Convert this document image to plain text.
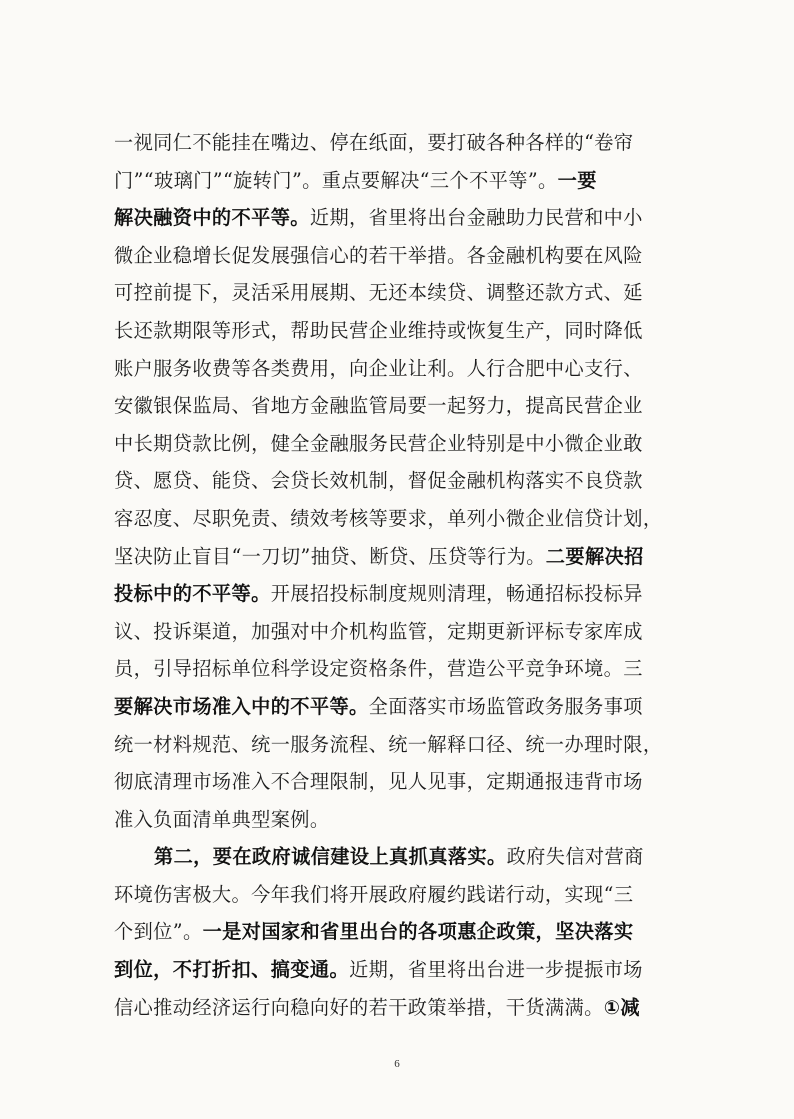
一视同仁不能挂在嘴边、停在纸面，要打破各种各样的“卷帘
门”“玻璃门”“旋转门”。重点要解决“三个不平等”。一要
解决融资中的不平等。近期，省里将出台金融助力民营和中小
微企业稳增长促发展强信心的若干举措。各金融机构要在风险
可控前提下，灵活采用展期、无还本续贷、调整还款方式、延
长还款期限等形式，帮助民营企业维持或恢复生产，同时降低
账户服务收费等各类费用，向企业让利。人行合肥中心支行、
安徽银保监局、省地方金融监管局要一起努力，提高民营企业
中长期贷款比例，健全金融服务民营企业特别是中小微企业敢
贷、愿贷、能贷、会贷长效机制，督促金融机构落实不良贷款
容忍度、尽职免责、绩效考核等要求，单列小微企业信贷计划，
坚决防止盲目“一刀切”抽贷、断贷、压贷等行为。二要解决招
投标中的不平等。开展招投标制度规则清理，畅通招标投标异
议、投诉渠道，加强对中介机构监管，定期更新评标专家库成
员，引导招标单位科学设定资格条件，营造公平竞争环境。三
要解决市场准入中的不平等。全面落实市场监管政务服务事项
统一材料规范、统一服务流程、统一解释口径、统一办理时限，
彻底清理市场准入不合理限制，见人见事，定期通报违背市场
准入负面清单典型案例。
第二，要在政府诚信建设上真抓真落实。政府失信对营商
环境伤害极大。今年我们将开展政府履约践诺行动，实现“三
个到位”。一是对国家和省里出台的各项惠企政策，坚决落实
到位，不打折扣、搞变通。近期，省里将出台进一步提振市场
信心推动经济运行向稳向好的若干政策举措，干货满满。①减
6
